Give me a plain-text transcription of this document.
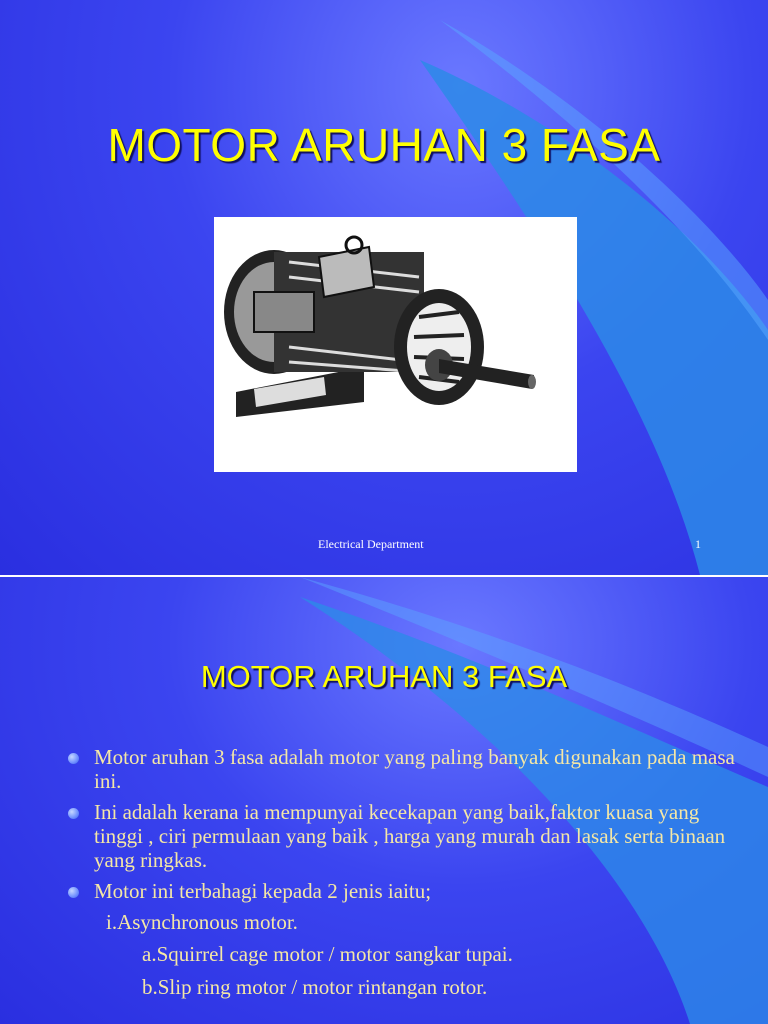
MOTOR ARUHAN 3 FASA
Electrical Department	1
MOTOR ARUHAN 3 FASA
Motor aruhan 3 fasa adalah motor yang paling banyak digunakan pada masa ini.
Ini adalah kerana ia mempunyai kecekapan yang baik,faktor kuasa yang tinggi , ciri permulaan yang baik , harga yang murah dan lasak serta binaan yang ringkas.
Motor ini terbahagi kepada 2 jenis iaitu;
i.Asynchronous motor.
a.Squirrel cage motor / motor sangkar tupai.
b.Slip ring motor / motor rintangan rotor.
